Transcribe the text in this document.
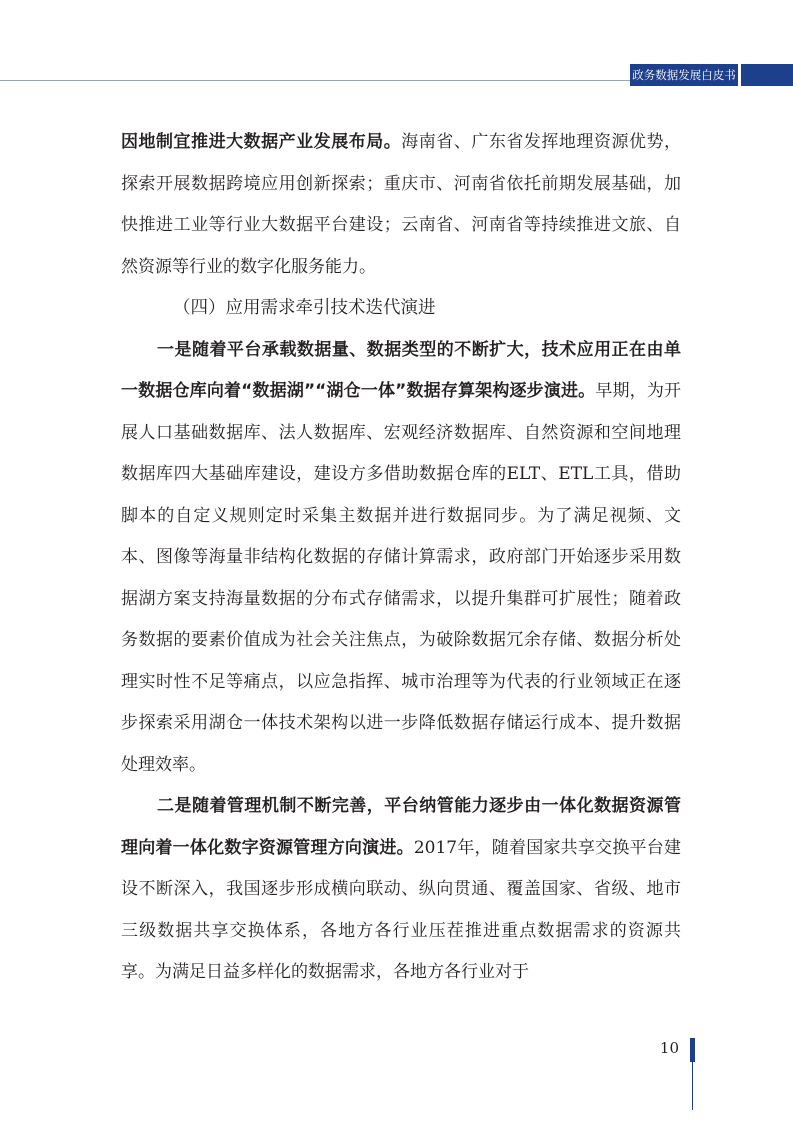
政务数据发展白皮书

因地制宜推进大数据产业发展布局。海南省、广东省发挥地理资源优势，探索开展数据跨境应用创新探索；重庆市、河南省依托前期发展基础，加快推进工业等行业大数据平台建设；云南省、河南省等持续推进文旅、自然资源等行业的数字化服务能力。

（四）应用需求牵引技术迭代演进

一是随着平台承载数据量、数据类型的不断扩大，技术应用正在由单一数据仓库向着“数据湖”“湖仓一体”数据存算架构逐步演进。早期，为开展人口基础数据库、法人数据库、宏观经济数据库、自然资源和空间地理数据库四大基础库建设，建设方多借助数据仓库的ELT、ETL工具，借助脚本的自定义规则定时采集主数据并进行数据同步。为了满足视频、文本、图像等海量非结构化数据的存储计算需求，政府部门开始逐步采用数据湖方案支持海量数据的分布式存储需求，以提升集群可扩展性；随着政务数据的要素价值成为社会关注焦点，为破除数据冗余存储、数据分析处理实时性不足等痛点，以应急指挥、城市治理等为代表的行业领域正在逐步探索采用湖仓一体技术架构以进一步降低数据存储运行成本、提升数据处理效率。

二是随着管理机制不断完善，平台纳管能力逐步由一体化数据资源管理向着一体化数字资源管理方向演进。2017年，随着国家共享交换平台建设不断深入，我国逐步形成横向联动、纵向贯通、覆盖国家、省级、地市三级数据共享交换体系，各地方各行业压茬推进重点数据需求的资源共享。为满足日益多样化的数据需求，各地方各行业对于

10
